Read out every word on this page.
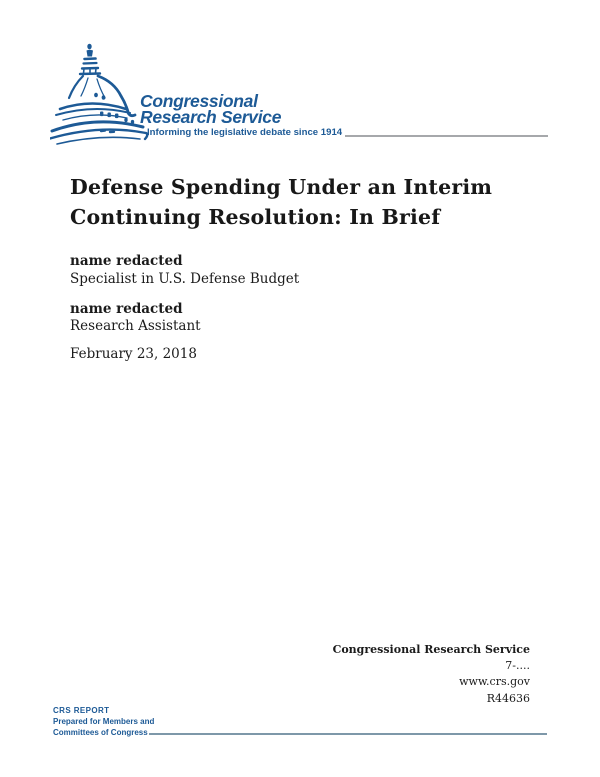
Congressional
Research Service
Informing the legislative debate since 1914
Defense Spending Under an Interim
Continuing Resolution: In Brief
name redacted
Specialist in U.S. Defense Budget
name redacted
Research Assistant
February 23, 2018
Congressional Research Service
7-....
www.crs.gov
R44636
CRS REPORT
Prepared for Members and
Committees of Congress
